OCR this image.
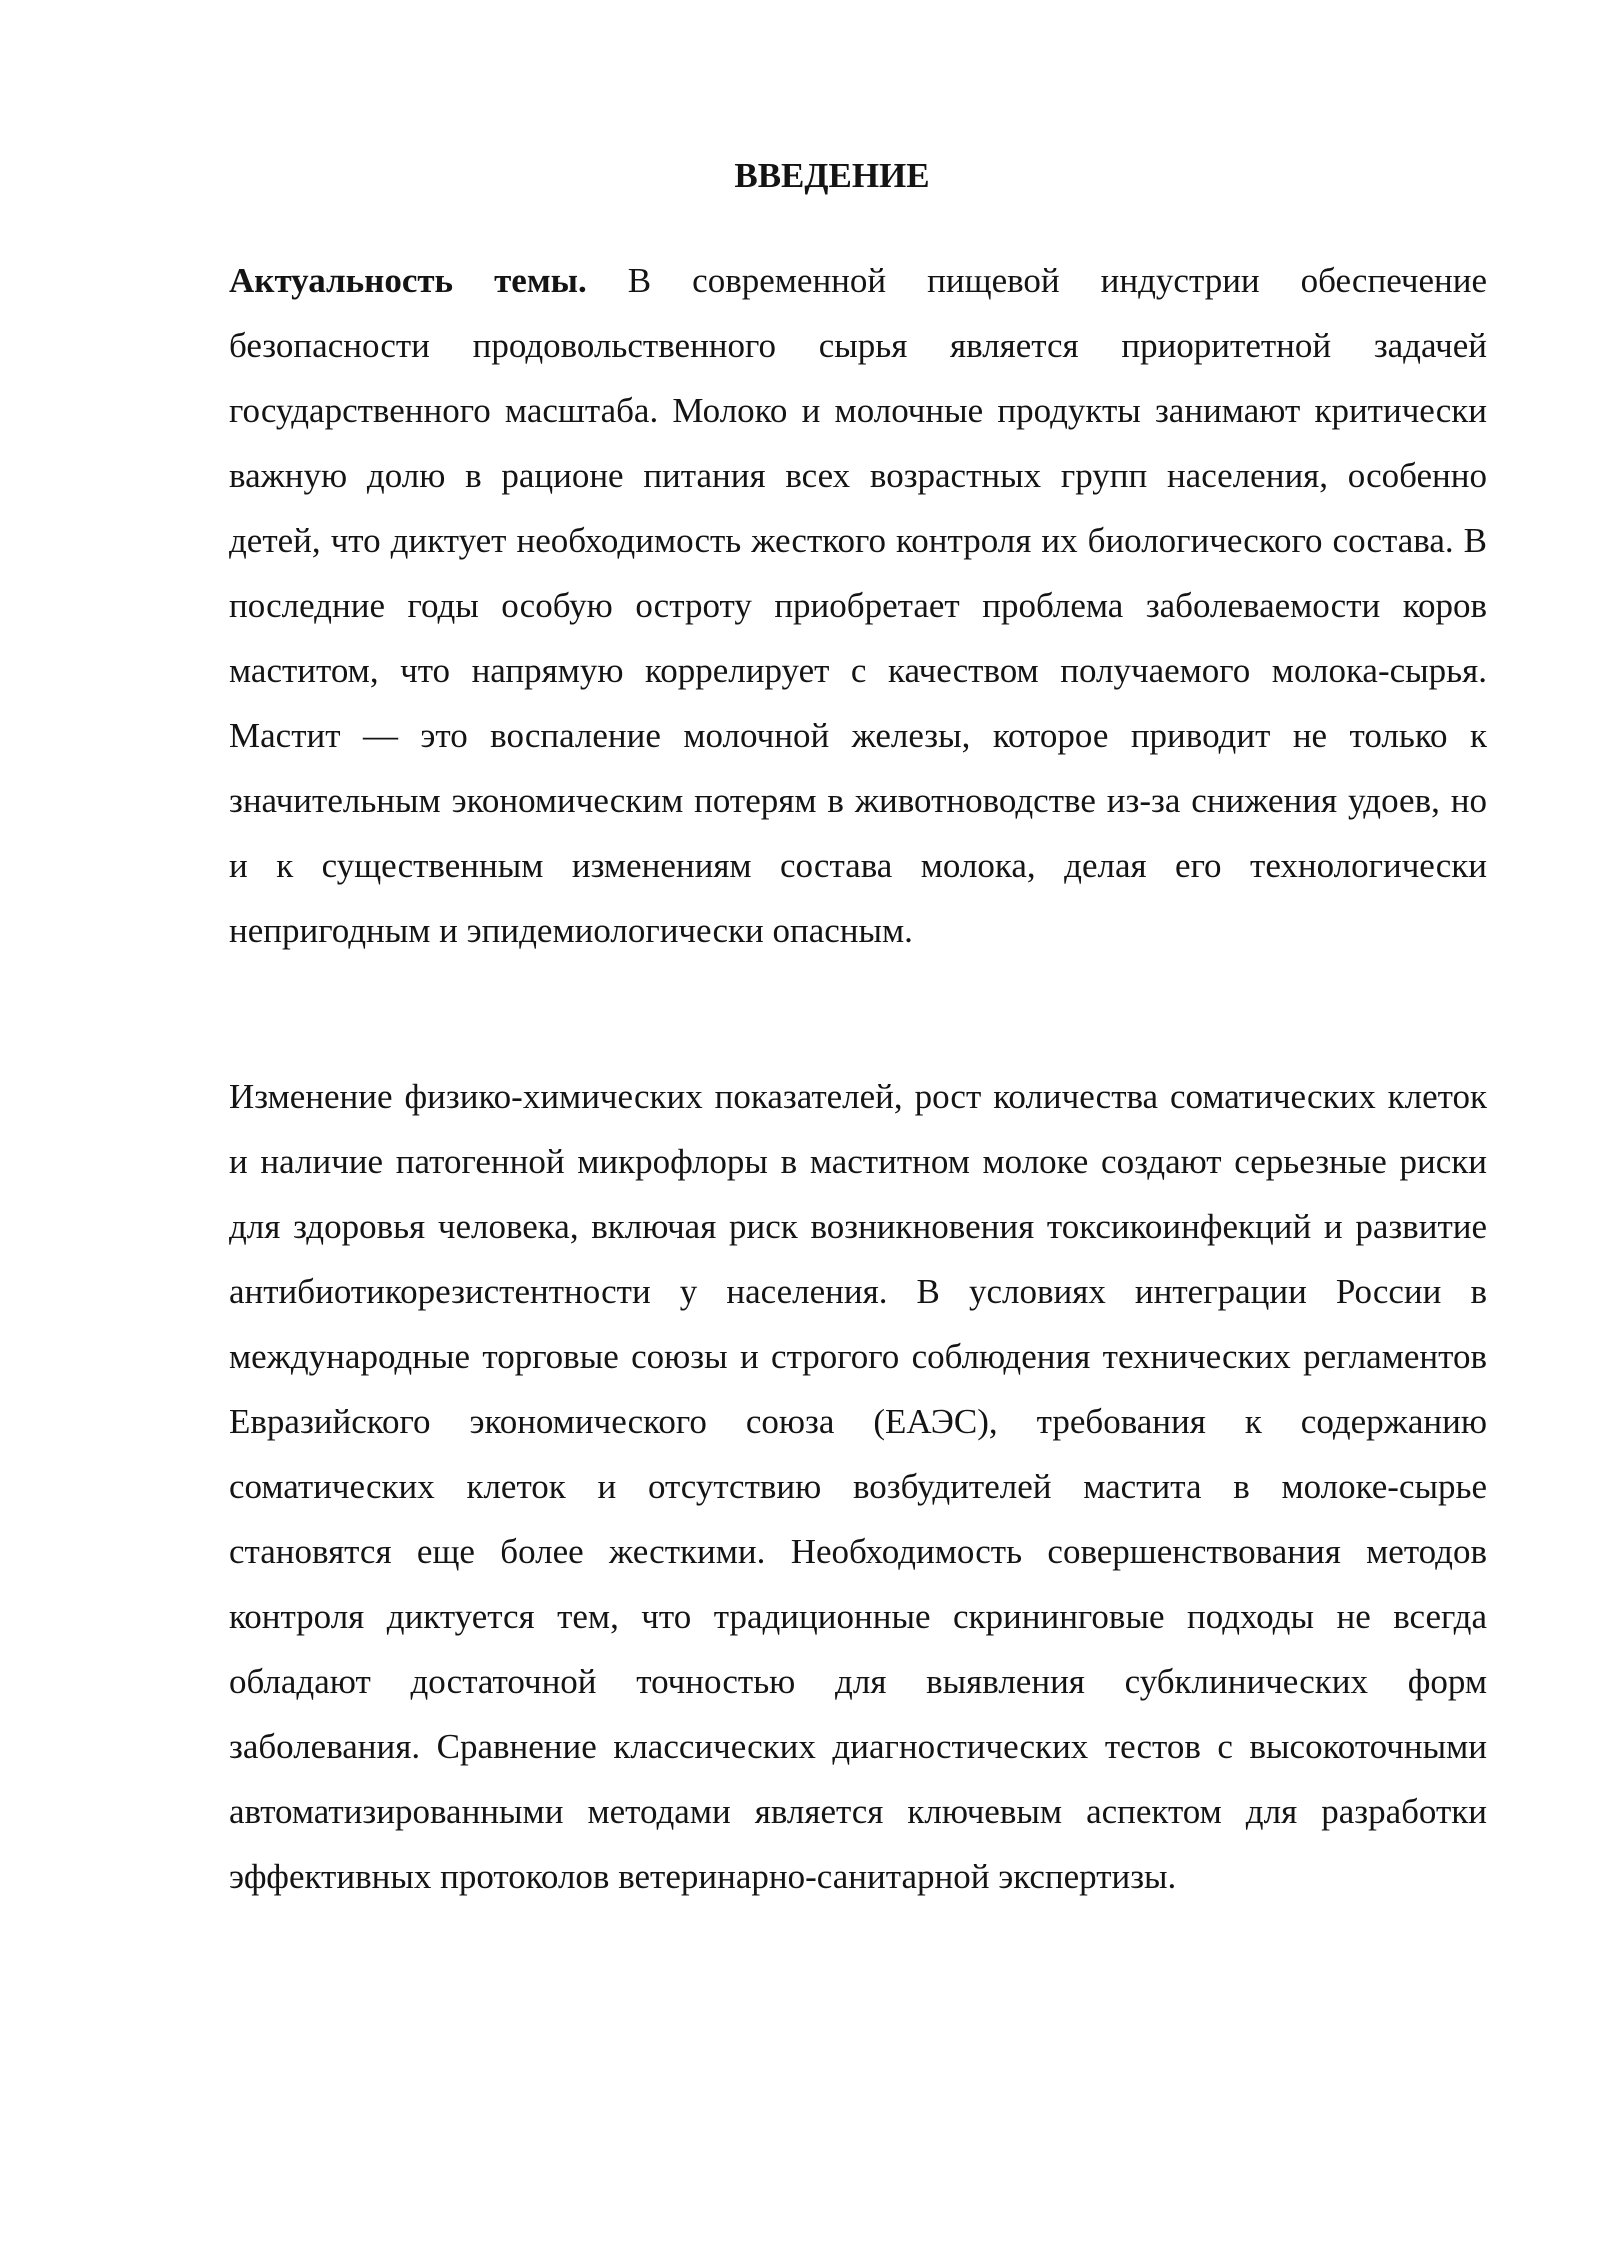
ВВЕДЕНИЕ

Актуальность темы. В современной пищевой индустрии обеспечение безопасности продовольственного сырья является приоритетной задачей государственного масштаба. Молоко и молочные продукты занимают критически важную долю в рационе питания всех возрастных групп населения, особенно детей, что диктует необходимость жесткого контроля их биологического состава. В последние годы особую остроту приобретает проблема заболеваемости коров маститом, что напрямую коррелирует с качеством получаемого молока-сырья. Мастит — это воспаление молочной железы, которое приводит не только к значительным экономическим потерям в животноводстве из-за снижения удоев, но и к существенным изменениям состава молока, делая его технологически непригодным и эпидемиологически опасным.

Изменение физико-химических показателей, рост количества соматических клеток и наличие патогенной микрофлоры в маститном молоке создают серьезные риски для здоровья человека, включая риск возникновения токсикоинфекций и развитие антибиотикорезистентности у населения. В условиях интеграции России в международные торговые союзы и строгого соблюдения технических регламентов Евразийского экономического союза (ЕАЭС), требования к содержанию соматических клеток и отсутствию возбудителей мастита в молоке-сырье становятся еще более жесткими. Необходимость совершенствования методов контроля диктуется тем, что традиционные скрининговые подходы не всегда обладают достаточной точностью для выявления субклинических форм заболевания. Сравнение классических диагностических тестов с высокоточными автоматизированными методами является ключевым аспектом для разработки эффективных протоколов ветеринарно-санитарной экспертизы.
